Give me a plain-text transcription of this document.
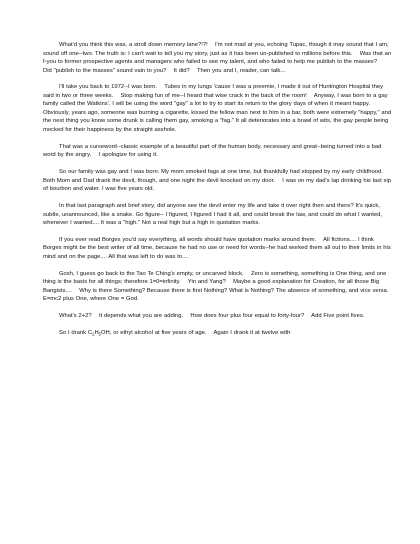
What'd you think this was, a stroll down memory lane?!?!    I'm not mad at you, echoing Tupac, though it may sound that I am, sound off one--two. The truth is: I can't wait to tell you my story, just as it has been un-published to millions before this.    Was that an f-you to former prospective agents and managers who failed to see my talent, and who failed to help me publish to the masses?    Did "publish to the masses" sound vain to you?    It did?    Then you and I, reader, can talk...

I'll take you back to 1972--I was born.    Tubes in my lungs 'cause I was a preemie, I made it out of Huntington Hospital they said in two or three weeks.    Stop making fun of me--I heard that wise crack in the back of the room!    Anyway, I was born to a gay family called the Watkins'. I will be using the word "gay" a lot to try to start its return to the glory days of when it meant happy.    Obviously, years ago, someone was burning a cigarette, kissed the fellow man next to him in a bar, both were extremely "happy," and the next thing you know some drunk is calling them gay, smoking a "fag." It all deteriorates into a brawl of wits, the gay people being mocked for their happiness by the straight asshole.

That was a curseword--classic example of a beautiful part of the human body, necessary and great--being turned into a bad word by the angry.    I apologize for using it.

So our family was gay and I was born. My mom smoked fags at one time, but thankfully had stopped by my early childhood.    Both Mom and Dad drank the devil, though, and one night the devil knocked on my door.    I was on my dad's lap drinking his last sip of bourbon and water. I was five years old.

In that last paragraph and brief story, did anyone see the devil enter my life and take it over right then and there? It's quick, subtle, unannounced, like a snake. Go figure-- I figured, I figured I had it all, and could break the law, and could do what I wanted, whenever I wanted.... It was a "high." Not a real high but a high in quotation marks.

If you ever read Borges you'd say everything, all words should have quotation marks around them.    All fictions.... I think Borges might be the best writer of all time, because he had no use or need for words--he had worked them all out to their limits in his mind and on the page.... All that was left to do was to....

Gosh, I guess go back to the Tao Te Ching's empty, or uncarved block.    Zero is something, something is One thing, and one thing is the basis for all things; therefore 1=0=infinity.    Yin and Yang?    Maybe a good explanation for Creation, for all those Big Bangists....    Why is there Something? Because there is first Nothing? What is Nothing? The absence of something, and vice versa. E=mc2 plus One, where One = God.

What's 2+2?    It depends what you are adding.    How does four plus four equal to forty-four?    Add Five point fives.

So I drank $C_2H_5OH$, or ethyl alcohol at five years of age.    Again I drank it at twelve with
